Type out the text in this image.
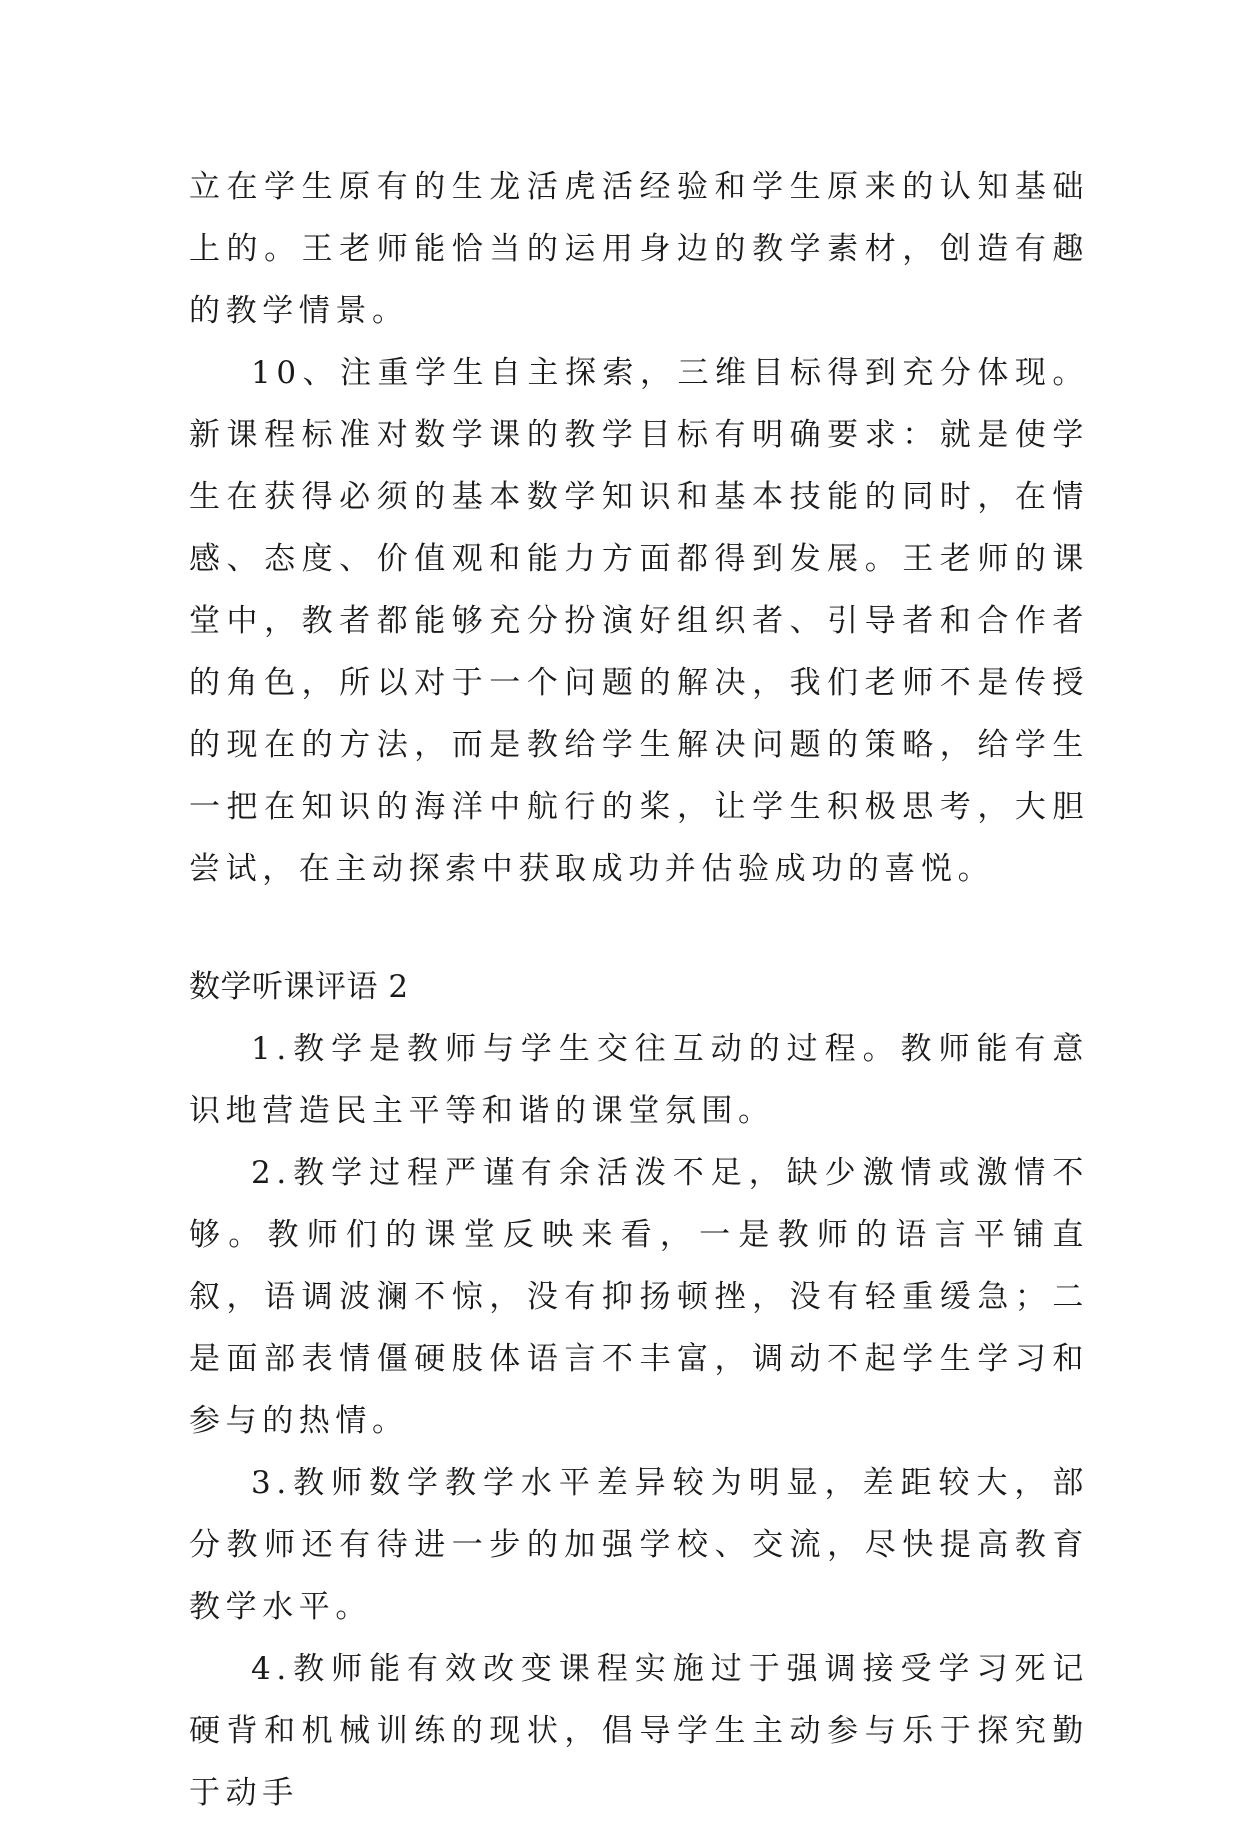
立在学生原有的生龙活虎活经验和学生原来的认知基础上的。王老师能恰当的运用身边的教学素材，创造有趣的教学情景。

10、注重学生自主探索，三维目标得到充分体现。新课程标准对数学课的教学目标有明确要求：就是使学生在获得必须的基本数学知识和基本技能的同时，在情感、态度、价值观和能力方面都得到发展。王老师的课堂中，教者都能够充分扮演好组织者、引导者和合作者的角色，所以对于一个问题的解决，我们老师不是传授的现在的方法，而是教给学生解决问题的策略，给学生一把在知识的海洋中航行的桨，让学生积极思考，大胆尝试，在主动探索中获取成功并估验成功的喜悦。

数学听课评语 2

1.教学是教师与学生交往互动的过程。教师能有意识地营造民主平等和谐的课堂氛围。

2.教学过程严谨有余活泼不足，缺少激情或激情不够。教师们的课堂反映来看，一是教师的语言平铺直叙，语调波澜不惊，没有抑扬顿挫，没有轻重缓急；二是面部表情僵硬肢体语言不丰富，调动不起学生学习和参与的热情。

3.教师数学教学水平差异较为明显，差距较大，部分教师还有待进一步的加强学校、交流，尽快提高教育教学水平。

4.教师能有效改变课程实施过于强调接受学习死记硬背和机械训练的现状，倡导学生主动参与乐于探究勤于动手
